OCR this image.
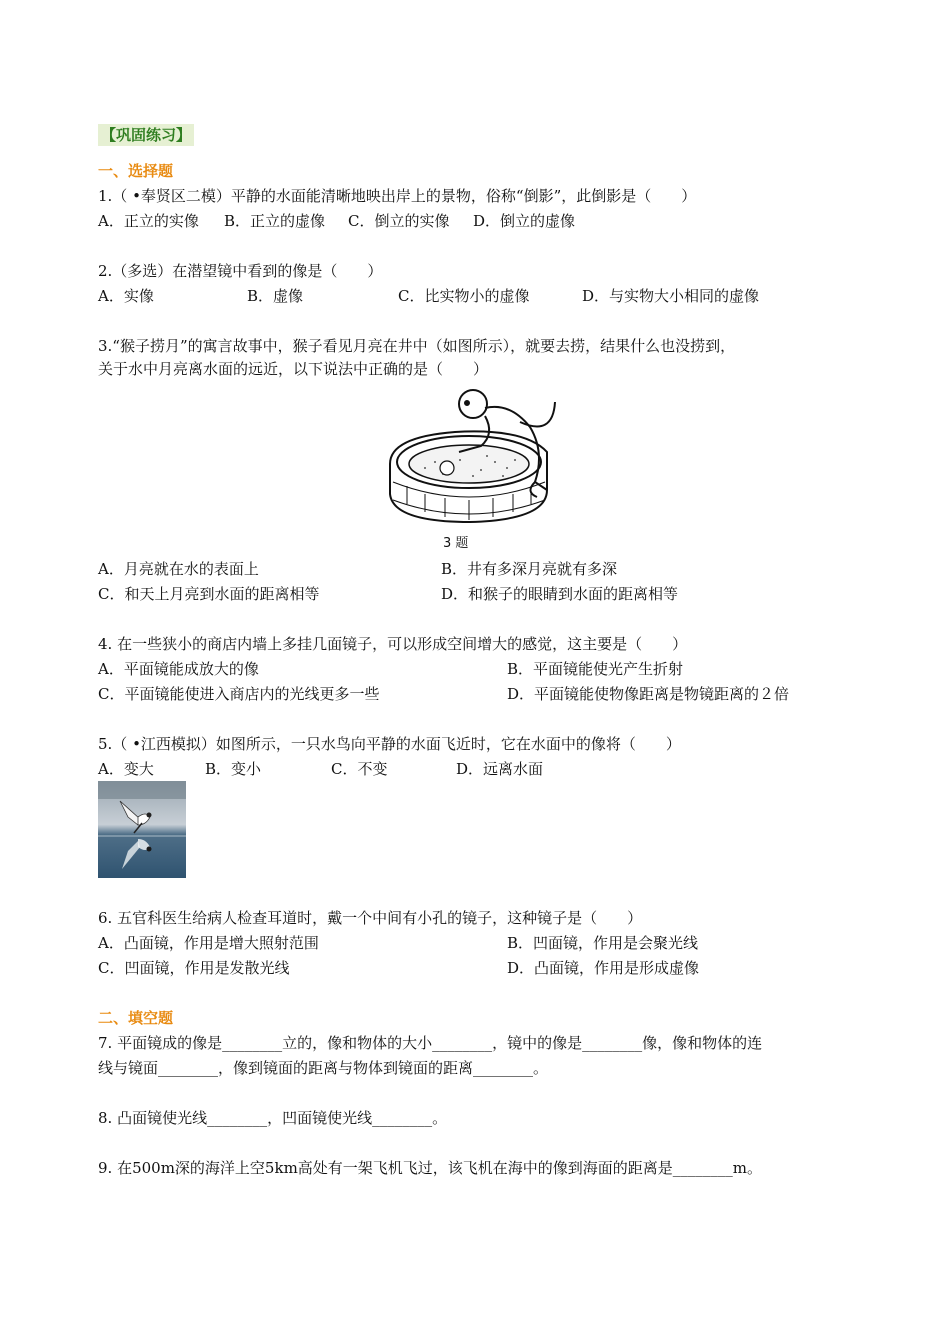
【巩固练习】
一、选择题
1.（ •奉贤区二模）平静的水面能清晰地映出岸上的景物，俗称“倒影”，此倒影是（　　）
A．正立的实像 B．正立的虚像 C．倒立的实像 D．倒立的虚像
2.（多选）在潜望镜中看到的像是（　　）
A．实像	B．虚像	C．比实物小的虚像	D．与实物大小相同的虚像
3.“猴子捞月”的寓言故事中，猴子看见月亮在井中（如图所示），就要去捞，结果什么也没捞到，
关于水中月亮离水面的远近，以下说法中正确的是（　　）
3 题
A．月亮就在水的表面上	B．井有多深月亮就有多深
C．和天上月亮到水面的距离相等	D．和猴子的眼睛到水面的距离相等
4. 在一些狭小的商店内墙上多挂几面镜子，可以形成空间增大的感觉，这主要是（　　）
A．平面镜能成放大的像	B．平面镜能使光产生折射
C．平面镜能使进入商店内的光线更多一些	D．平面镜能使物像距离是物镜距离的２倍
5.（ •江西模拟）如图所示，一只水鸟向平静的水面飞近时，它在水面中的像将（　　）
A．变大	B．变小	C．不变	D．远离水面
6. 五官科医生给病人检查耳道时，戴一个中间有小孔的镜子，这种镜子是（　　）
A．凸面镜，作用是增大照射范围	B．凹面镜，作用是会聚光线
C．凹面镜，作用是发散光线	D．凸面镜，作用是形成虚像
二、填空题
7. 平面镜成的像是________立的，像和物体的大小________，镜中的像是________像，像和物体的连
线与镜面________，像到镜面的距离与物体到镜面的距离________。
8. 凸面镜使光线________，凹面镜使光线________。
9. 在500m深的海洋上空5km高处有一架飞机飞过，该飞机在海中的像到海面的距离是________m。
